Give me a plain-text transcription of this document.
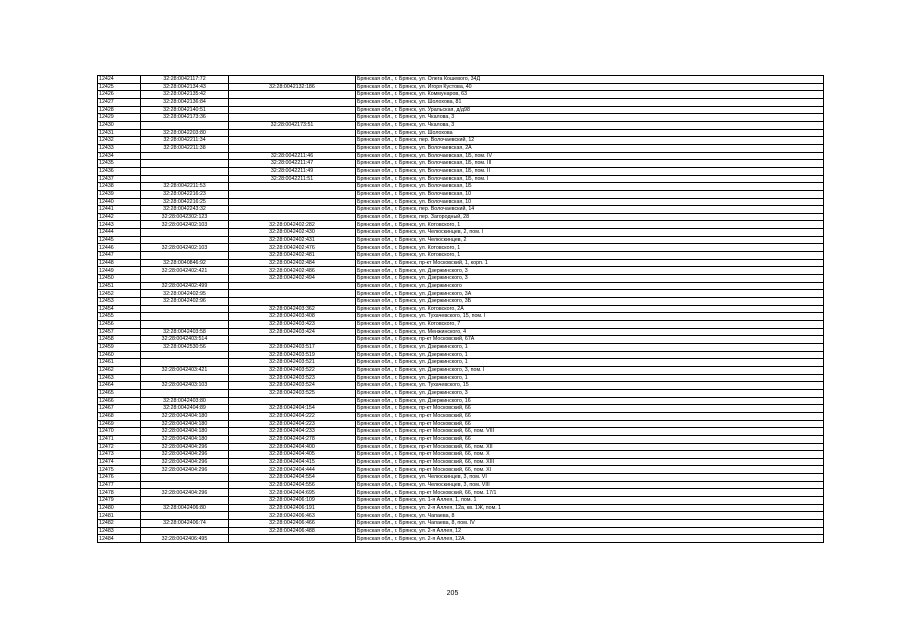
12424	32:28:0042117:72		Брянская обл., г. Брянск, ул. Олега Кошевого, 34Д
12425	32:28:0042134:43	32:28:0042132:186	Брянская обл., г. Брянск, ул. Игоря Кустова, 40
12426	32:28:0042135:42		Брянская обл., г. Брянск, ул. Коммунаров, 63
12427	32:28:0042136:84		Брянская обл., г. Брянск, ул. Шолохова, 81
12428	32:28:0042140:51		Брянская обл., г. Брянск, ул. Уральская, д/д98
12429	32:28:0042173:36		Брянская обл., г. Брянск, ул. Чкалова, 3
12430		32:28:0042173:51	Брянская обл., г. Брянск, ул. Чкалова, 3
12431	32:28:0042203:80		Брянская обл., г. Брянск, ул. Шолохова
12432	32:28:0042211:34		Брянская обл., г. Брянск, пер. Волочаевский, 12
12433	32:28:0042211:38		Брянская обл., г. Брянск, ул. Волочаевская, 2А
12434		32:28:0042211:46	Брянская обл., г. Брянск, ул. Волочаевская, 1Б, пом. IV
12435		32:28:0042211:47	Брянская обл., г. Брянск, ул. Волочаевская, 1Б, пом. III
12436		32:28:0042211:49	Брянская обл., г. Брянск, ул. Волочаевская, 1Б, пом. II
12437		32:28:0042211:51	Брянская обл., г. Брянск, ул. Волочаевская, 1Б, пом. I
12438	32:28:0042211:53		Брянская обл., г. Брянск, ул. Волочаевская, 1Б
12439	32:28:0042216:23		Брянская обл., г. Брянск, ул. Волочаевская, 10
12440	32:28:0042216:25		Брянская обл., г. Брянск, ул. Волочаевская, 10
12441	32:28:0042243:32		Брянская обл., г. Брянск, пер. Волочаевский, 14
12442	32:28:0042302:123		Брянская обл., г. Брянск, пер. Загородный, 28
12443	32:28:0042402:103	32:28:0042402:282	Брянская обл., г. Брянск, ул. Котовского, 1
12444		32:28:0042402:430	Брянская обл., г. Брянск, ул. Челюскинцев, 2, пом. I
12445		32:28:0042402:431	Брянская обл., г. Брянск, ул. Челюскинцев, 2
12446	32:28:0042402:103	32:28:0042402:476	Брянская обл., г. Брянск, ул. Котовского, 1
12447		32:28:0042402:481	Брянская обл., г. Брянск, ул. Котовского, 1
12448	32:28:0040846:92	32:28:0042402:484	Брянская обл., г. Брянск, пр-кт Московский, 1, корп. 1
12449	32:28:0042402:421	32:28:0042402:486	Брянская обл., г. Брянск, ул. Дзержинского, 3
12450		32:28:0042402:494	Брянская обл., г. Брянск, ул. Дзержинского, 3
12451	32:28:0042402:499		Брянская обл., г. Брянск, ул. Дзержинского
12452	32:28:0042402:95		Брянская обл., г. Брянск, ул. Дзержинского, 3А
12453	32:28:0042402:96		Брянская обл., г. Брянск, ул. Дзержинского, 3Б
12454		32:28:0042403:362	Брянская обл., г. Брянск, ул. Котовского, 2А
12455		32:28:0042403:408	Брянская обл., г. Брянск, ул. Тухачевского, 15, пом. I
12456		32:28:0042403:423	Брянская обл., г. Брянск, ул. Котовского, 7
12457	32:28:0042403:58	32:28:0042403:424	Брянская обл., г. Брянск, ул. Менжинского, 4
12458	32:28:0042403:514		Брянская обл., г. Брянск, пр-кт Московский, 67А
12459	32:28:0042530:56	32:28:0042403:517	Брянская обл., г. Брянск, ул. Дзержинского, 1
12460		32:28:0042403:519	Брянская обл., г. Брянск, ул. Дзержинского, 1
12461		32:28:0042403:521	Брянская обл., г. Брянск, ул. Дзержинского, 1
12462	32:28:0042403:421	32:28:0042403:522	Брянская обл., г. Брянск, ул. Дзержинского, 3, пом. I
12463		32:28:0042403:523	Брянская обл., г. Брянск, ул. Дзержинского, 1
12464	32:28:0042403:103	32:28:0042403:524	Брянская обл., г. Брянск, ул. Тухачевского, 15
12465		32:28:0042403:525	Брянская обл., г. Брянск, ул. Дзержинского, 3
12466	32:28:0042403:80		Брянская обл., г. Брянск, ул. Дзержинского, 16
12467	32:28:0042404:89	32:28:0042404:154	Брянская обл., г. Брянск, пр-кт Московский, 66
12468	32:28:0042404:180	32:28:0042404:222	Брянская обл., г. Брянск, пр-кт Московский, 66
12469	32:28:0042404:180	32:28:0042404:223	Брянская обл., г. Брянск, пр-кт Московский, 66
12470	32:28:0042404:180	32:28:0042404:233	Брянская обл., г. Брянск, пр-кт Московский, 66, пом. VIII
12471	32:28:0042404:180	32:28:0042404:278	Брянская обл., г. Брянск, пр-кт Московский, 66
12472	32:28:0042404:296	32:28:0042404:400	Брянская обл., г. Брянск, пр-кт Московский, 66, пом. XII
12473	32:28:0042404:296	32:28:0042404:405	Брянская обл., г. Брянск, пр-кт Московский, 66, пом. X
12474	32:28:0042404:296	32:28:0042404:415	Брянская обл., г. Брянск, пр-кт Московский, 66, пом. XIII
12475	32:28:0042404:296	32:28:0042404:444	Брянская обл., г. Брянск, пр-кт Московский, 66, пом. XI
12476		32:28:0042404:554	Брянская обл., г. Брянск, ул. Челюскинцев, 3, пом. VI
12477		32:28:0042404:556	Брянская обл., г. Брянск, ул. Челюскинцев, 3, пом. VIII
12478	32:28:0042404:296	32:28:0042404:695	Брянская обл., г. Брянск, пр-кт Московский, 66, пом. 17/1
12479		32:28:0042406:109	Брянская обл., г. Брянск, ул. 1-я Аллея, 1, пом. 1
12480	32:28:0042406:80	32:28:0042406:191	Брянская обл., г. Брянск, ул. 2-я Аллея, 12а, кв. 1Ж, пом. 1
12481		32:28:0042406:463	Брянская обл., г. Брянск, ул. Чапаева, 8
12482	32:28:0042406:74	32:28:0042406:466	Брянская обл., г. Брянск, ул. Чапаева, 8, пом. IV
12483		32:28:0042406:488	Брянская обл., г. Брянск, ул. 2-я Аллея, 12
12484	32:28:0042406:495		Брянская обл., г. Брянск, ул. 2-я Аллея, 12А
205
